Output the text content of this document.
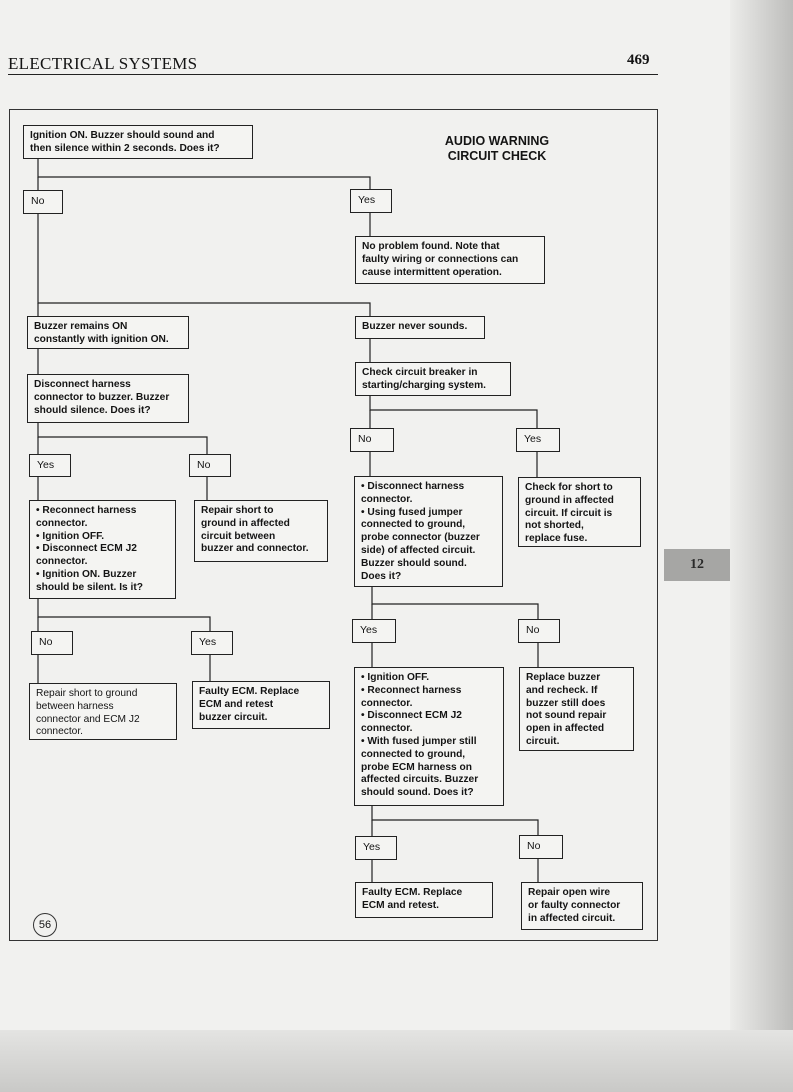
ELECTRICAL SYSTEMS	469
AUDIO WARNING
CIRCUIT CHECK
Ignition ON. Buzzer should sound and
then silence within 2 seconds. Does it?
No	Yes
No problem found. Note that
faulty wiring or connections can
cause intermittent operation.
Buzzer remains ON
constantly with ignition ON.
Buzzer never sounds.
Disconnect harness
connector to buzzer. Buzzer
should silence. Does it?
Check circuit breaker in
starting/charging system.
Yes	No
No	Yes
• Reconnect harness
connector.
• Ignition OFF.
• Disconnect ECM J2
connector.
• Ignition ON. Buzzer
should be silent. Is it?
Repair short to
ground in affected
circuit between
buzzer and connector.
• Disconnect harness
connector.
• Using fused jumper
connected to ground,
probe connector (buzzer
side) of affected circuit.
Buzzer should sound.
Does it?
Check for short to
ground in affected
circuit. If circuit is
not shorted,
replace fuse.
No	Yes
Yes	No
Repair short to ground
between harness
connector and ECM J2
connector.
Faulty ECM. Replace
ECM and retest
buzzer circuit.
• Ignition OFF.
• Reconnect harness
connector.
• Disconnect ECM J2
connector.
• With fused jumper still
connected to ground,
probe ECM harness on
affected circuits. Buzzer
should sound. Does it?
Replace buzzer
and recheck. If
buzzer still does
not sound repair
open in affected
circuit.
Yes	No
Faulty ECM. Replace
ECM and retest.
Repair open wire
or faulty connector
in affected circuit.
12
56
